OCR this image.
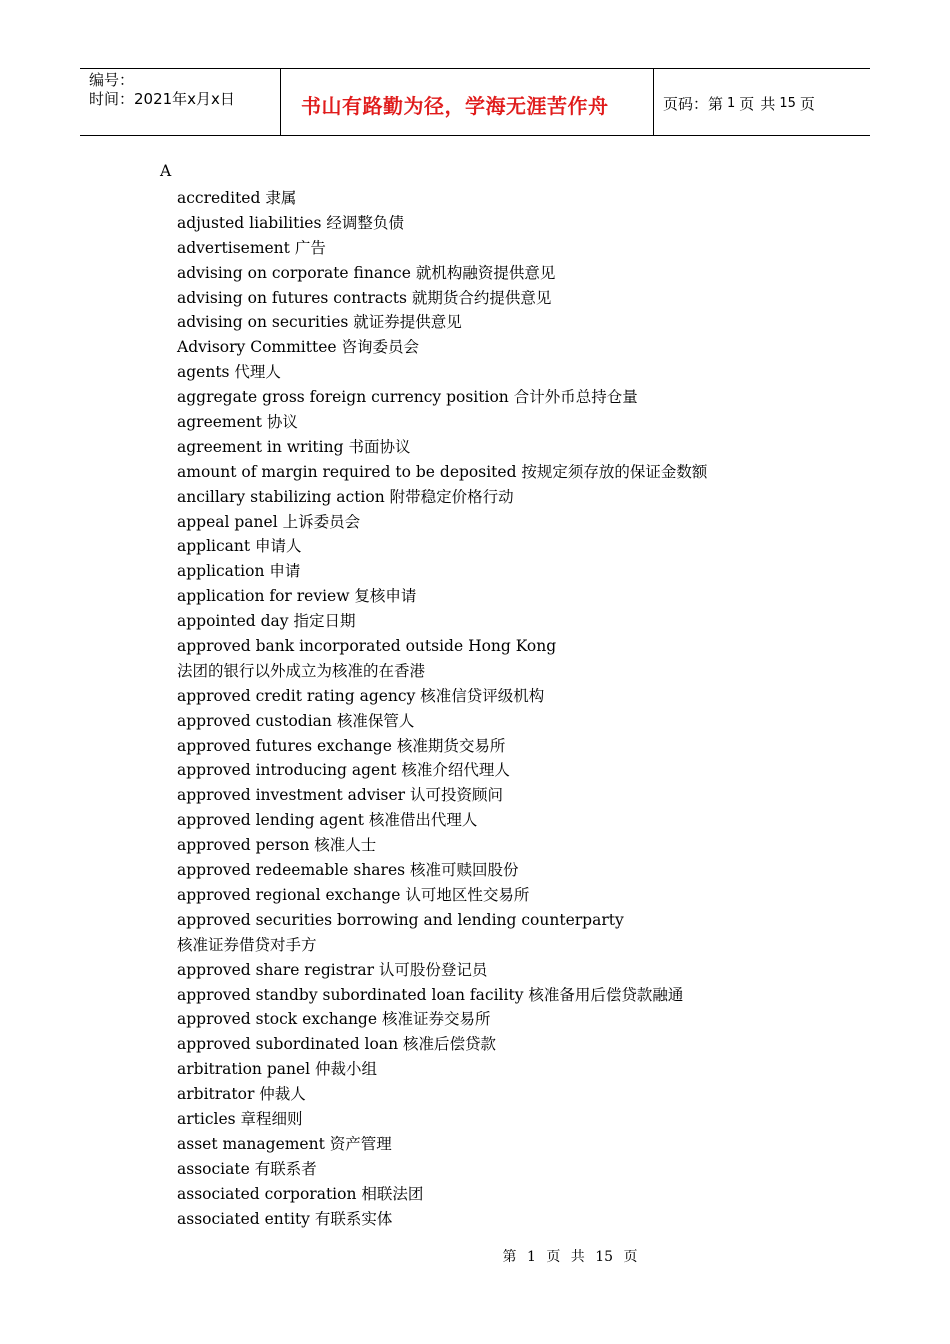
编号：
时间：2021年x月x日	书山有路勤为径，学海无涯苦作舟	页码：第 1 页 共 15 页
A
accredited 隶属
adjusted liabilities 经调整负债
advertisement 广告
advising on corporate finance 就机构融资提供意见
advising on futures contracts 就期货合约提供意见
advising on securities 就证券提供意见
Advisory Committee 咨询委员会
agents 代理人
aggregate gross foreign currency position 合计外币总持仓量
agreement 协议
agreement in writing 书面协议
amount of margin required to be deposited 按规定须存放的保证金数额
ancillary stabilizing action 附带稳定价格行动
appeal panel 上诉委员会
applicant 申请人
application 申请
application for review 复核申请
appointed day 指定日期
approved bank incorporated outside Hong Kong
法团的银行以外成立为核准的在香港
approved credit rating agency 核准信贷评级机构
approved custodian 核准保管人
approved futures exchange 核准期货交易所
approved introducing agent 核准介绍代理人
approved investment adviser 认可投资顾问
approved lending agent 核准借出代理人
approved person 核准人士
approved redeemable shares 核准可赎回股份
approved regional exchange 认可地区性交易所
approved securities borrowing and lending counterparty
核准证券借贷对手方
approved share registrar 认可股份登记员
approved standby subordinated loan facility 核准备用后偿贷款融通
approved stock exchange 核准证券交易所
approved subordinated loan 核准后偿贷款
arbitration panel 仲裁小组
arbitrator 仲裁人
articles 章程细则
asset management 资产管理
associate 有联系者
associated corporation 相联法团
associated entity 有联系实体
第 1 页 共 15 页
